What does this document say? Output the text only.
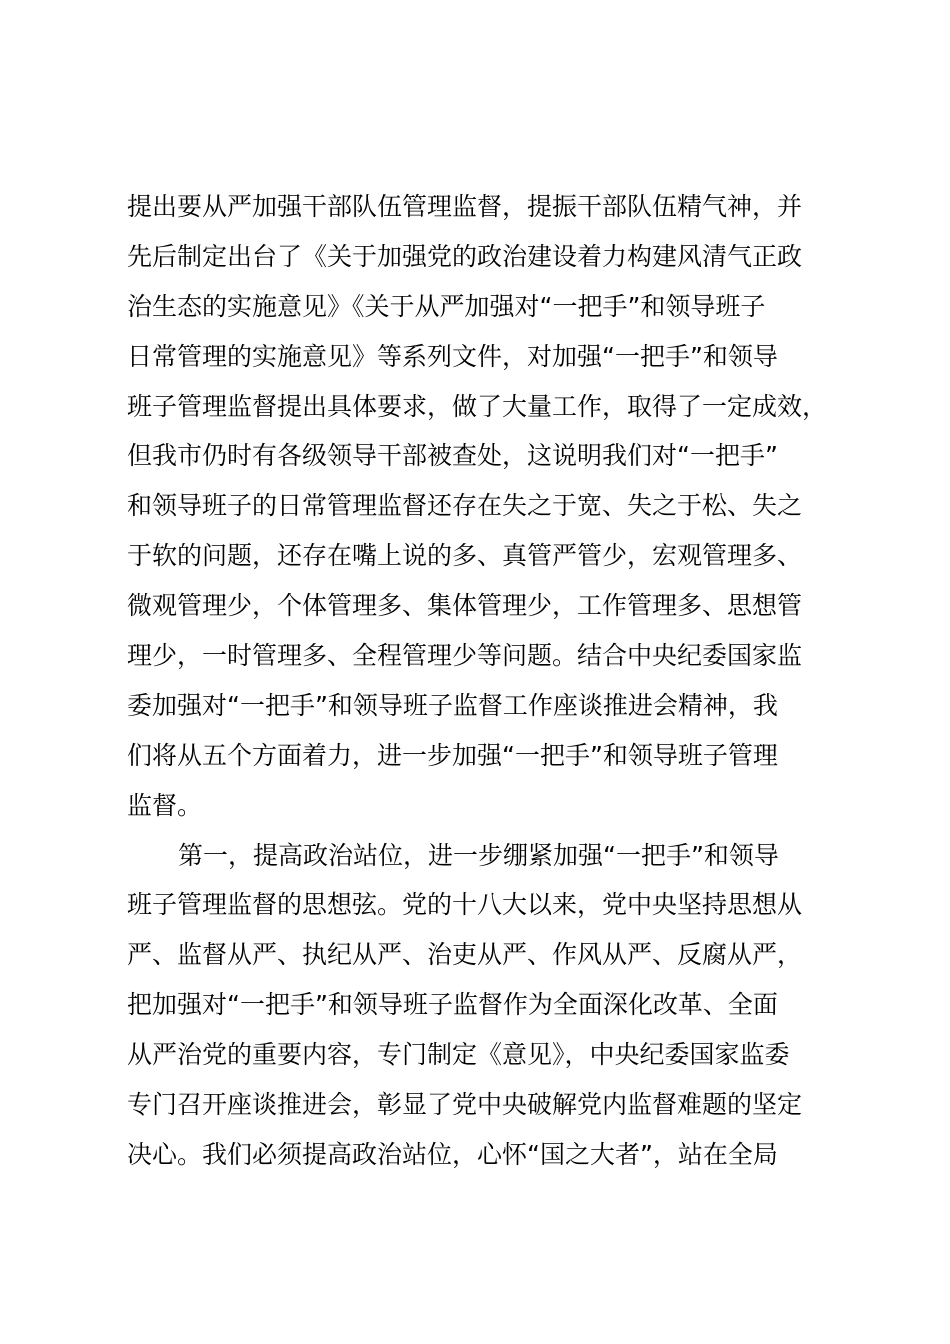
提出要从严加强干部队伍管理监督，提振干部队伍精气神，并
先后制定出台了《关于加强党的政治建设着力构建风清气正政
治生态的实施意见》《关于从严加强对“一把手”和领导班子
日常管理的实施意见》等系列文件，对加强“一把手”和领导
班子管理监督提出具体要求，做了大量工作，取得了一定成效，
但我市仍时有各级领导干部被查处，这说明我们对“一把手”
和领导班子的日常管理监督还存在失之于宽、失之于松、失之
于软的问题，还存在嘴上说的多、真管严管少，宏观管理多、
微观管理少，个体管理多、集体管理少，工作管理多、思想管
理少，一时管理多、全程管理少等问题。结合中央纪委国家监
委加强对“一把手”和领导班子监督工作座谈推进会精神，我
们将从五个方面着力，进一步加强“一把手”和领导班子管理
监督。
第一，提高政治站位，进一步绷紧加强“一把手”和领导
班子管理监督的思想弦。党的十八大以来，党中央坚持思想从
严、监督从严、执纪从严、治吏从严、作风从严、反腐从严，
把加强对“一把手”和领导班子监督作为全面深化改革、全面
从严治党的重要内容，专门制定《意见》，中央纪委国家监委
专门召开座谈推进会，彰显了党中央破解党内监督难题的坚定
决心。我们必须提高政治站位，心怀“国之大者”，站在全局
